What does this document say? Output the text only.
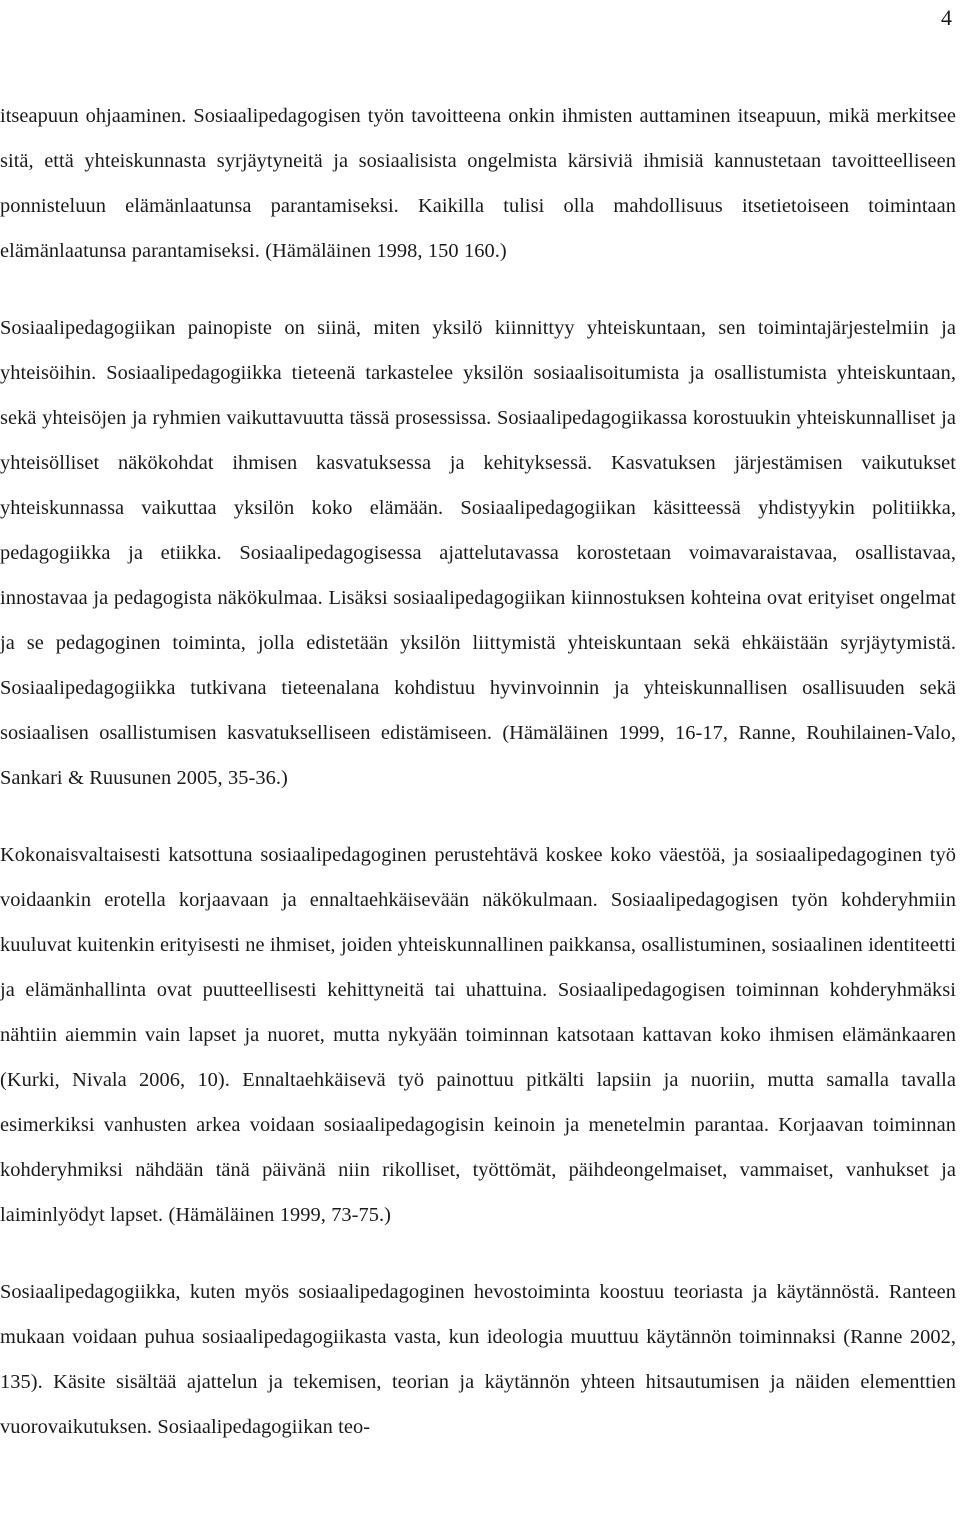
4

itseapuun ohjaaminen. Sosiaalipedagogisen työn tavoitteena onkin ihmisten auttaminen itseapuun, mikä merkitsee sitä, että yhteiskunnasta syrjäytyneitä ja sosiaalisista ongelmista kärsiviä ihmisiä kannustetaan tavoitteelliseen ponnisteluun elämänlaatunsa parantamiseksi. Kaikilla tulisi olla mahdollisuus itsetietoiseen toimintaan elämänlaatunsa parantamiseksi. (Hämäläinen 1998, 150 160.)

Sosiaalipedagogiikan painopiste on siinä, miten yksilö kiinnittyy yhteiskuntaan, sen toimintajärjestelmiin ja yhteisöihin. Sosiaalipedagogiikka tieteenä tarkastelee yksilön sosiaalisoitumista ja osallistumista yhteiskuntaan, sekä yhteisöjen ja ryhmien vaikuttavuutta tässä prosessissa. Sosiaalipedagogiikassa korostuukin yhteiskunnalliset ja yhteisölliset näkökohdat ihmisen kasvatuksessa ja kehityksessä. Kasvatuksen järjestämisen vaikutukset yhteiskunnassa vaikuttaa yksilön koko elämään. Sosiaalipedagogiikan käsitteessä yhdistyykin politiikka, pedagogiikka ja etiikka. Sosiaalipedagogisessa ajattelutavassa korostetaan voimavaraistavaa, osallistavaa, innostavaa ja pedagogista näkökulmaa. Lisäksi sosiaalipedagogiikan kiinnostuksen kohteina ovat erityiset ongelmat ja se pedagoginen toiminta, jolla edistetään yksilön liittymistä yhteiskuntaan sekä ehkäistään syrjäytymistä. Sosiaalipedagogiikka tutkivana tieteenalana kohdistuu hyvinvoinnin ja yhteiskunnallisen osallisuuden sekä sosiaalisen osallistumisen kasvatukselliseen edistämiseen. (Hämäläinen 1999, 16-17, Ranne, Rouhilainen-Valo, Sankari & Ruusunen 2005, 35-36.)

Kokonaisvaltaisesti katsottuna sosiaalipedagoginen perustehtävä koskee koko väestöä, ja sosiaalipedagoginen työ voidaankin erotella korjaavaan ja ennaltaehkäisevään näkökulmaan. Sosiaalipedagogisen työn kohderyhmiin kuuluvat kuitenkin erityisesti ne ihmiset, joiden yhteiskunnallinen paikkansa, osallistuminen, sosiaalinen identiteetti ja elämänhallinta ovat puutteellisesti kehittyneitä tai uhattuina. Sosiaalipedagogisen toiminnan kohderyhmäksi nähtiin aiemmin vain lapset ja nuoret, mutta nykyään toiminnan katsotaan kattavan koko ihmisen elämänkaaren (Kurki, Nivala 2006, 10). Ennaltaehkäisevä työ painottuu pitkälti lapsiin ja nuoriin, mutta samalla tavalla esimerkiksi vanhusten arkea voidaan sosiaalipedagogisin keinoin ja menetelmin parantaa. Korjaavan toiminnan kohderyhmiksi nähdään tänä päivänä niin rikolliset, työttömät, päihdeongelmaiset, vammaiset, vanhukset ja laiminlyödyt lapset. (Hämäläinen 1999, 73-75.)

Sosiaalipedagogiikka, kuten myös sosiaalipedagoginen hevostoiminta koostuu teoriasta ja käytännöstä. Ranteen mukaan voidaan puhua sosiaalipedagogiikasta vasta, kun ideologia muuttuu käytännön toiminnaksi (Ranne 2002, 135). Käsite sisältää ajattelun ja tekemisen, teorian ja käytännön yhteen hitsautumisen ja näiden elementtien vuorovaikutuksen. Sosiaalipedagogiikan teo-
